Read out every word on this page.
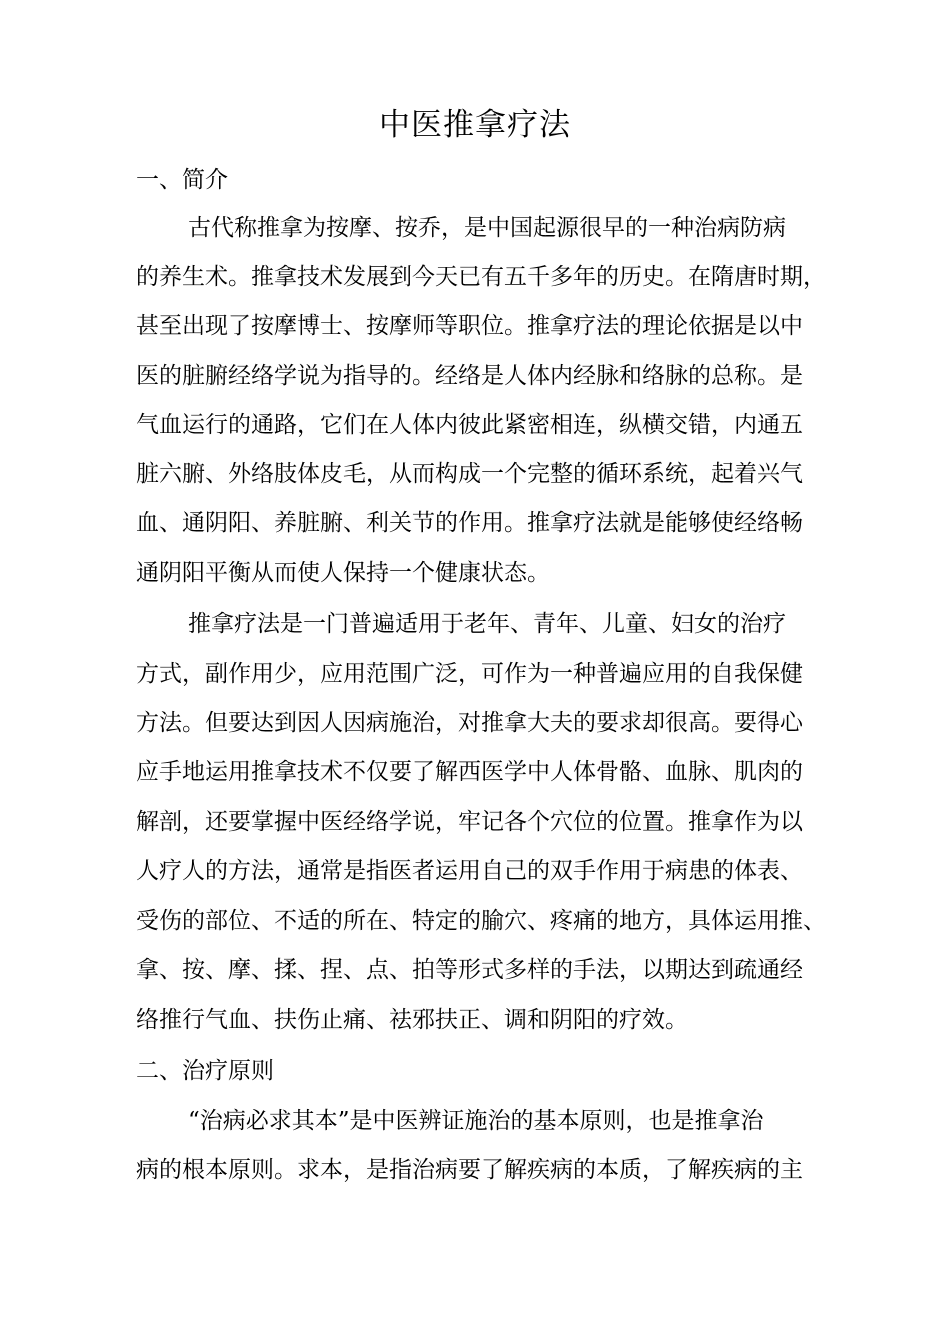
中医推拿疗法
一、简介
古代称推拿为按摩、按乔，是中国起源很早的一种治病防病
的养生术。推拿技术发展到今天已有五千多年的历史。在隋唐时期，
甚至出现了按摩博士、按摩师等职位。推拿疗法的理论依据是以中
医的脏腑经络学说为指导的。经络是人体内经脉和络脉的总称。是
气血运行的通路，它们在人体内彼此紧密相连，纵横交错，内通五
脏六腑、外络肢体皮毛，从而构成一个完整的循环系统，起着兴气
血、通阴阳、养脏腑、利关节的作用。推拿疗法就是能够使经络畅
通阴阳平衡从而使人保持一个健康状态。
推拿疗法是一门普遍适用于老年、青年、儿童、妇女的治疗
方式，副作用少，应用范围广泛，可作为一种普遍应用的自我保健
方法。但要达到因人因病施治，对推拿大夫的要求却很高。要得心
应手地运用推拿技术不仅要了解西医学中人体骨骼、血脉、肌肉的
解剖，还要掌握中医经络学说，牢记各个穴位的位置。推拿作为以
人疗人的方法，通常是指医者运用自己的双手作用于病患的体表、
受伤的部位、不适的所在、特定的腧穴、疼痛的地方，具体运用推、
拿、按、摩、揉、捏、点、拍等形式多样的手法，以期达到疏通经
络推行气血、扶伤止痛、祛邪扶正、调和阴阳的疗效。
二、治疗原则
“治病必求其本”是中医辨证施治的基本原则，也是推拿治
病的根本原则。求本，是指治病要了解疾病的本质，了解疾病的主
